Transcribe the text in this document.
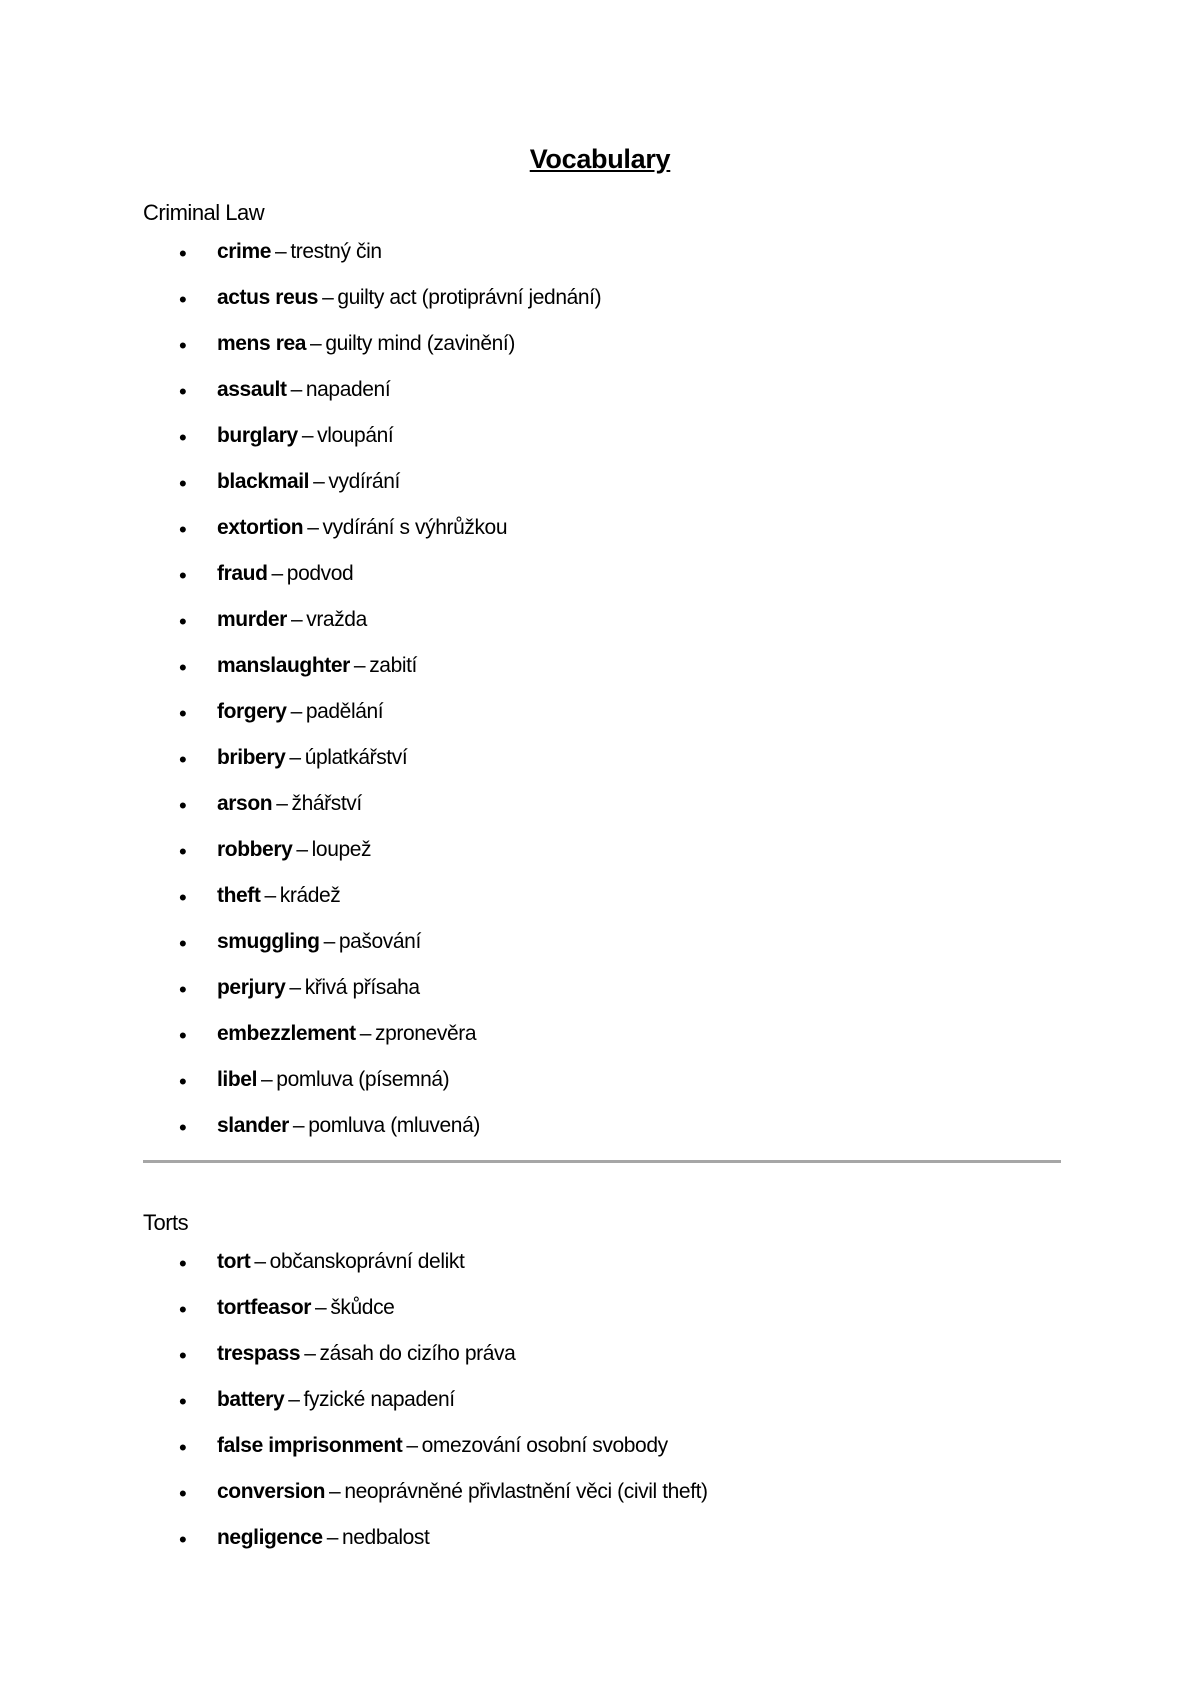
Vocabulary
Criminal Law
• crime – trestný čin
• actus reus – guilty act (protiprávní jednání)
• mens rea – guilty mind (zavinění)
• assault – napadení
• burglary – vloupání
• blackmail – vydírání
• extortion – vydírání s výhrůžkou
• fraud – podvod
• murder – vražda
• manslaughter – zabití
• forgery – padělání
• bribery – úplatkářství
• arson – žhářství
• robbery – loupež
• theft – krádež
• smuggling – pašování
• perjury – křivá přísaha
• embezzlement – zpronevěra
• libel – pomluva (písemná)
• slander – pomluva (mluvená)
Torts
• tort – občanskoprávní delikt
• tortfeasor – škůdce
• trespass – zásah do cizího práva
• battery – fyzické napadení
• false imprisonment – omezování osobní svobody
• conversion – neoprávněné přivlastnění věci (civil theft)
• negligence – nedbalost
